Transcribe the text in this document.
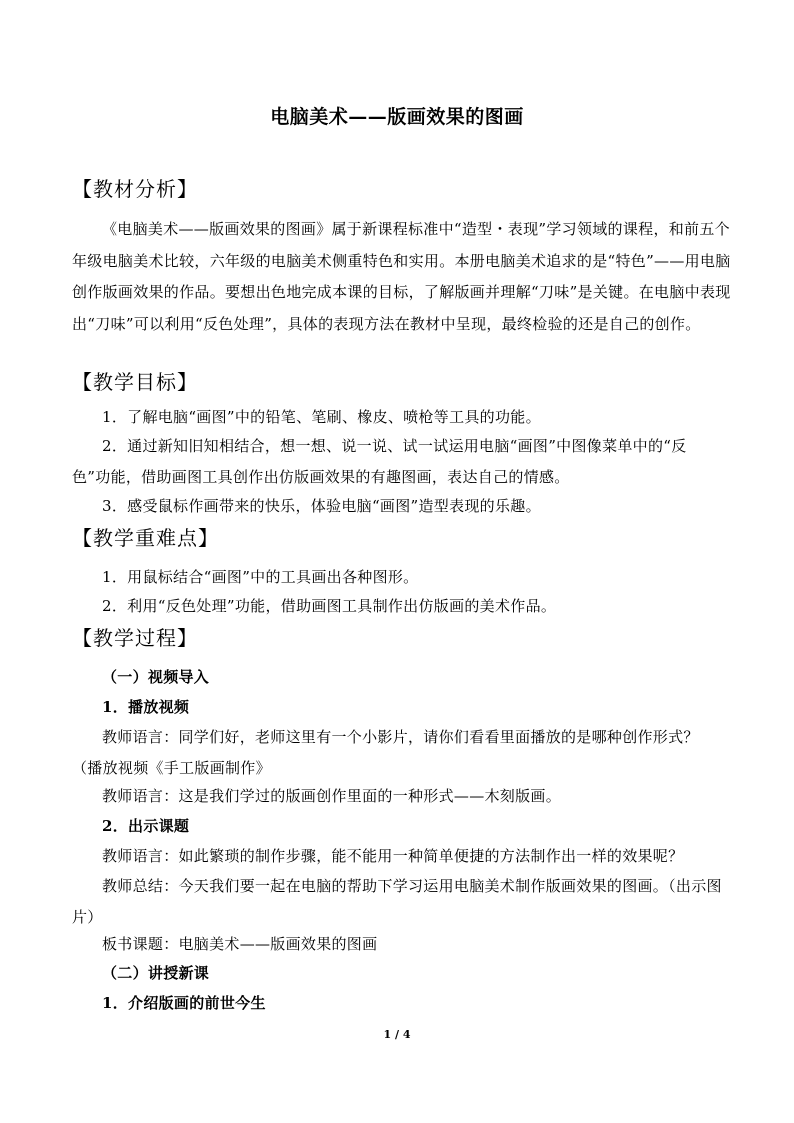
电脑美术——版画效果的图画
【教材分析】
《电脑美术——版画效果的图画》属于新课程标准中“造型・表现”学习领域的课程，和前五个年级电脑美术比较，六年级的电脑美术侧重特色和实用。本册电脑美术追求的是“特色”——用电脑创作版画效果的作品。要想出色地完成本课的目标，了解版画并理解“刀味”是关键。在电脑中表现出“刀味”可以利用“反色处理”，具体的表现方法在教材中呈现，最终检验的还是自己的创作。
【教学目标】
1．了解电脑“画图”中的铅笔、笔刷、橡皮、喷枪等工具的功能。
2．通过新知旧知相结合，想一想、说一说、试一试运用电脑“画图”中图像菜单中的“反色”功能，借助画图工具创作出仿版画效果的有趣图画，表达自己的情感。
3．感受鼠标作画带来的快乐，体验电脑“画图”造型表现的乐趣。
【教学重难点】
1．用鼠标结合“画图”中的工具画出各种图形。
2．利用“反色处理”功能，借助画图工具制作出仿版画的美术作品。
【教学过程】
（一）视频导入
1．播放视频
教师语言：同学们好，老师这里有一个小影片，请你们看看里面播放的是哪种创作形式？（播放视频《手工版画制作》
教师语言：这是我们学过的版画创作里面的一种形式——木刻版画。
2．出示课题
教师语言：如此繁琐的制作步骤，能不能用一种简单便捷的方法制作出一样的效果呢？
教师总结：今天我们要一起在电脑的帮助下学习运用电脑美术制作版画效果的图画。（出示图片）
板书课题：电脑美术——版画效果的图画
（二）讲授新课
1．介绍版画的前世今生
1 / 4
